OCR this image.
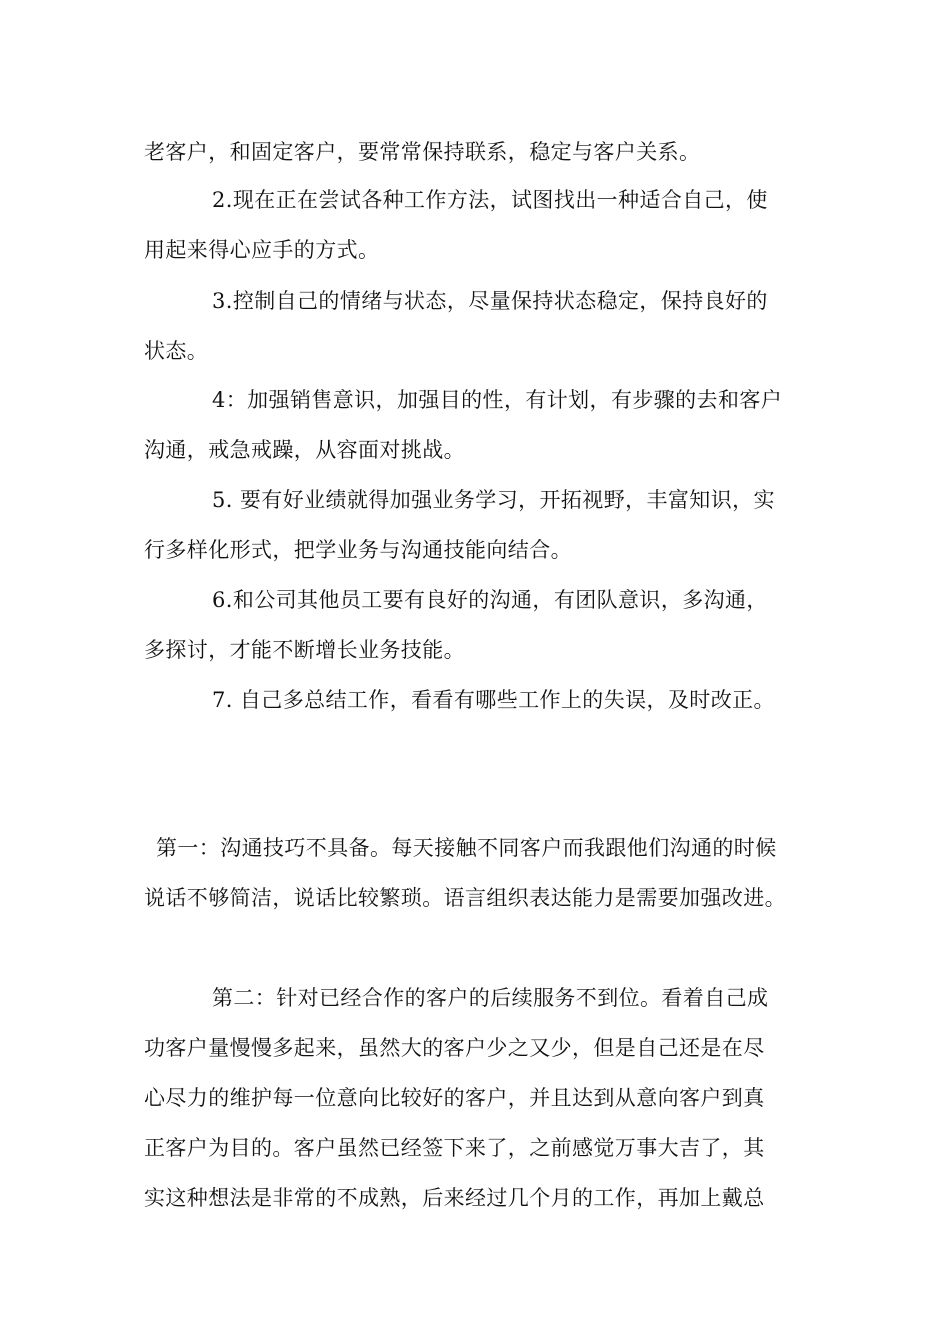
老客户，和固定客户，要常常保持联系，稳定与客户关系。
2.现在正在尝试各种工作方法，试图找出一种适合自己，使
用起来得心应手的方式。
3.控制自己的情绪与状态，尽量保持状态稳定，保持良好的
状态。
4：加强销售意识，加强目的性，有计划，有步骤的去和客户
沟通，戒急戒躁，从容面对挑战。
5. 要有好业绩就得加强业务学习，开拓视野，丰富知识，实
行多样化形式，把学业务与沟通技能向结合。
6.和公司其他员工要有良好的沟通，有团队意识，多沟通，
多探讨，才能不断增长业务技能。
7. 自己多总结工作，看看有哪些工作上的失误，及时改正。
第一：沟通技巧不具备。每天接触不同客户而我跟他们沟通的时候
说话不够简洁，说话比较繁琐。语言组织表达能力是需要加强改进。
第二：针对已经合作的客户的后续服务不到位。看着自己成
功客户量慢慢多起来，虽然大的客户少之又少，但是自己还是在尽
心尽力的维护每一位意向比较好的客户，并且达到从意向客户到真
正客户为目的。客户虽然已经签下来了，之前感觉万事大吉了，其
实这种想法是非常的不成熟，后来经过几个月的工作，再加上戴总
